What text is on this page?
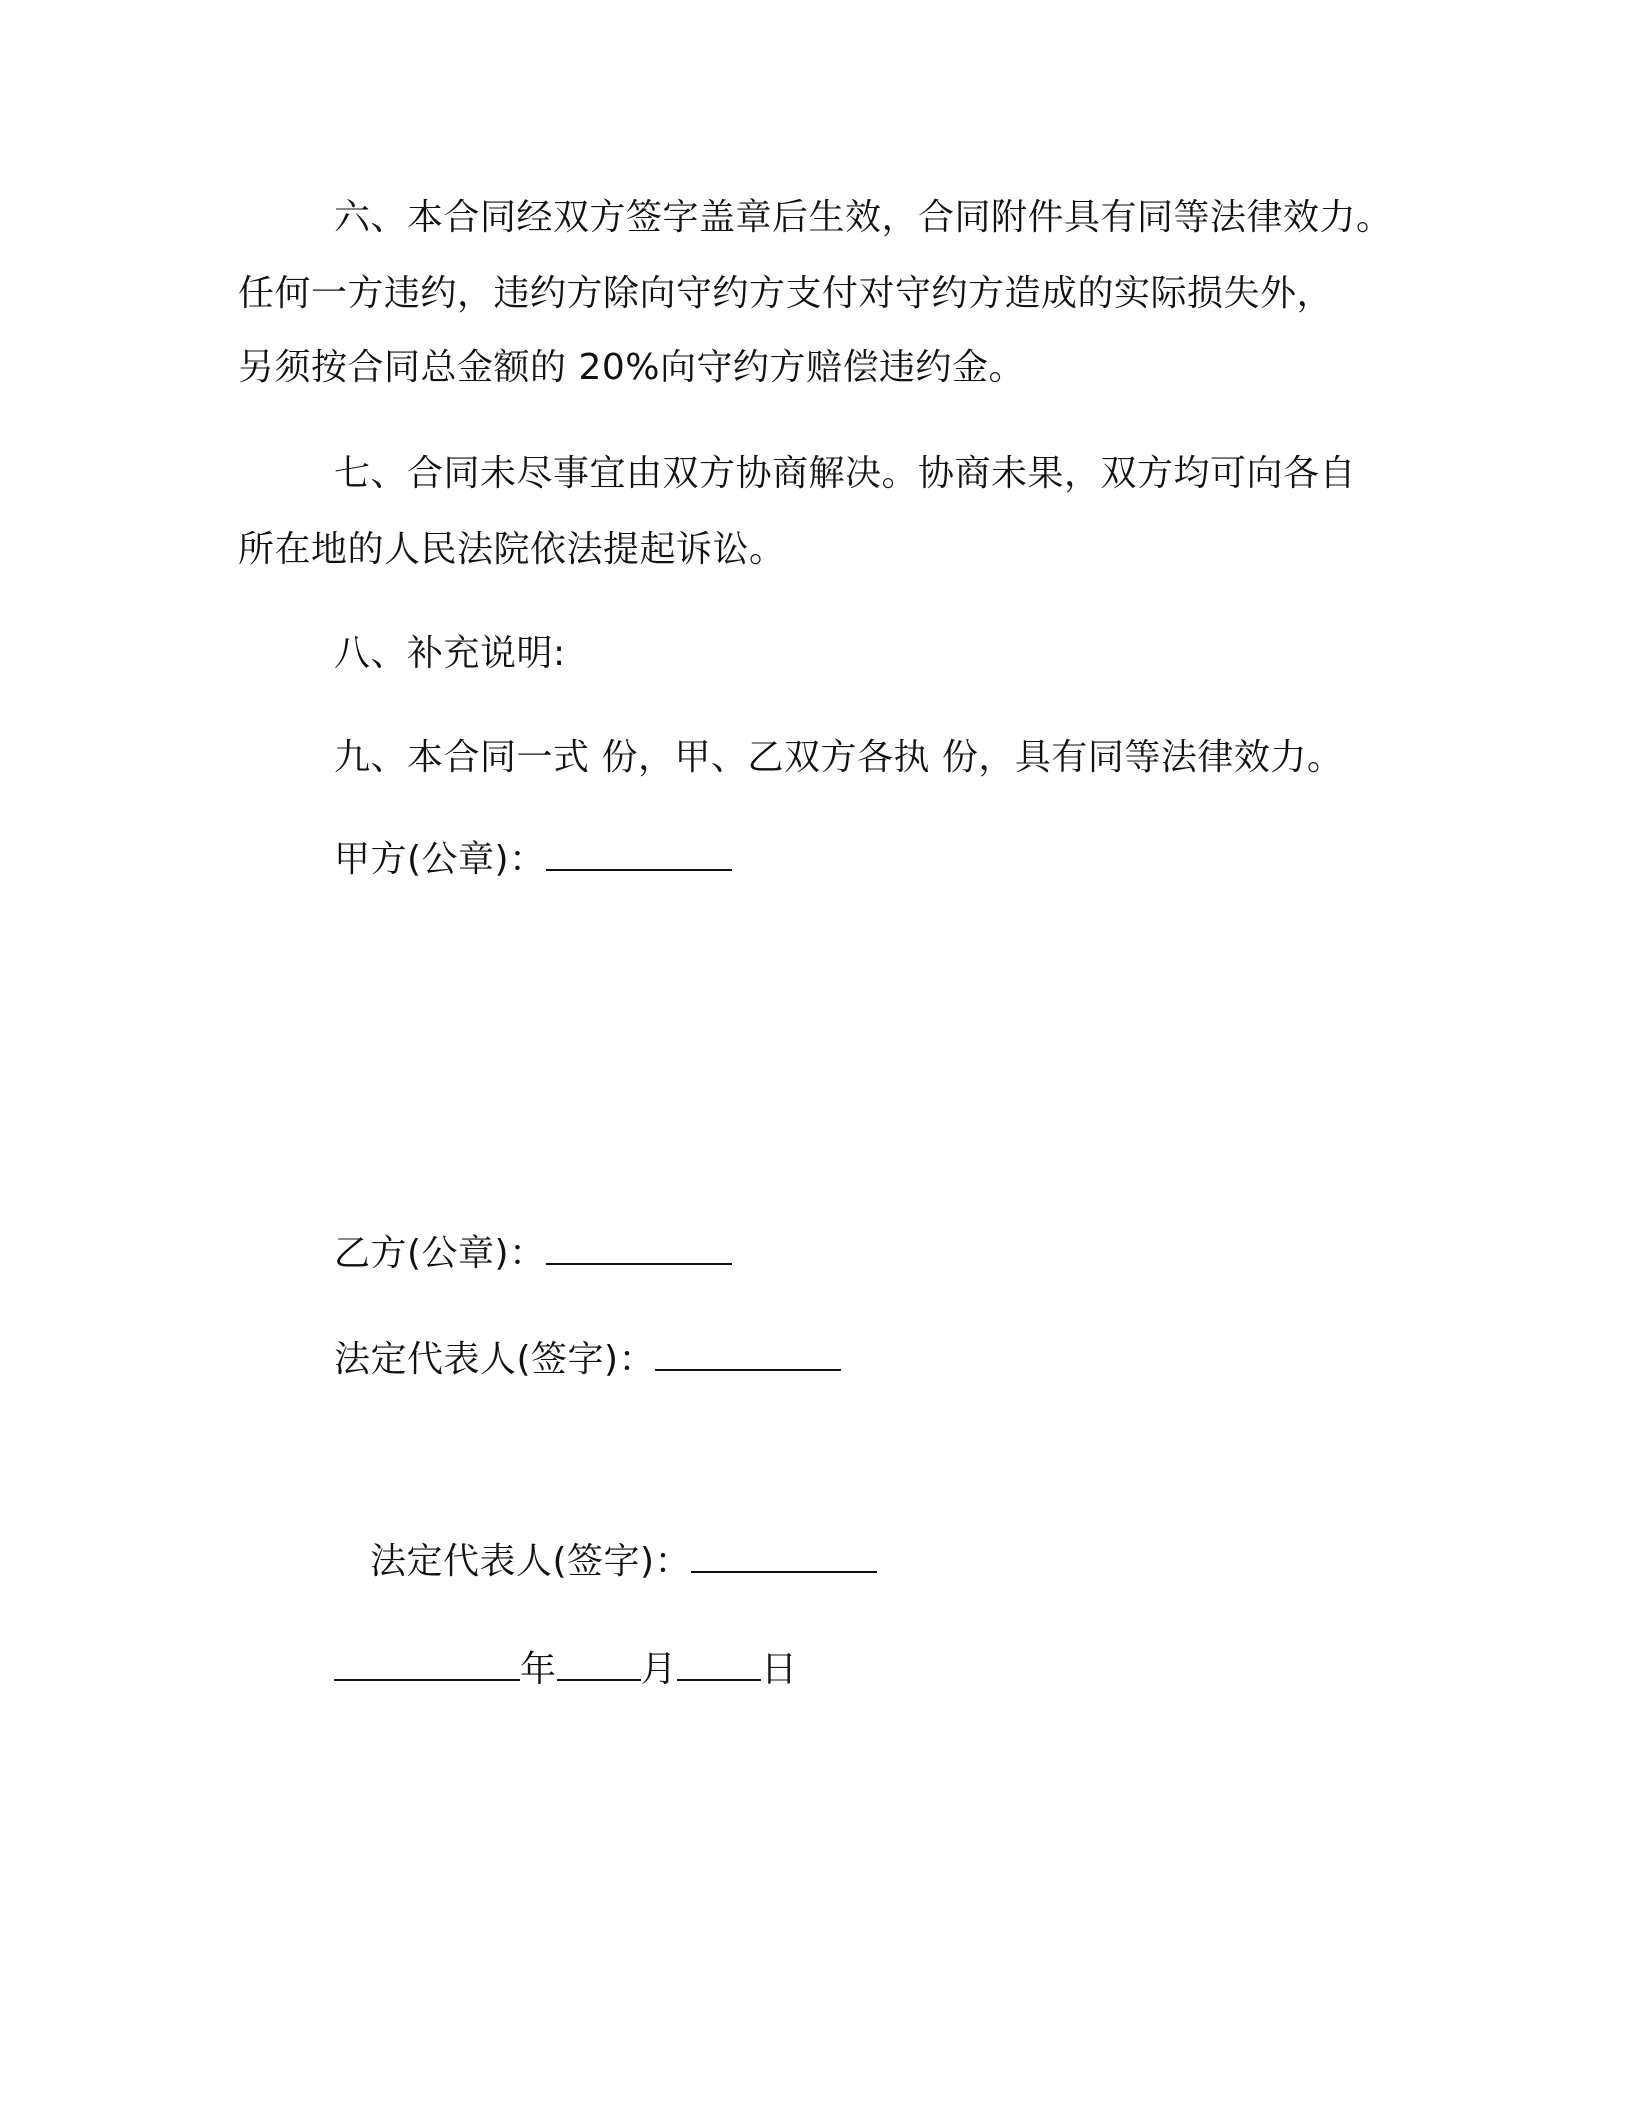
六、本合同经双方签字盖章后生效，合同附件具有同等法律效力。
任何一方违约，违约方除向守约方支付对守约方造成的实际损失外，
另须按合同总金额的 20%向守约方赔偿违约金。
七、合同未尽事宜由双方协商解决。协商未果，双方均可向各自
所在地的人民法院依法提起诉讼。
八、补充说明:
九、本合同一式 份，甲、乙双方各执 份，具有同等法律效力。
甲方(公章)：
乙方(公章)：
法定代表人(签字)：
法定代表人(签字)：
年 月 日
